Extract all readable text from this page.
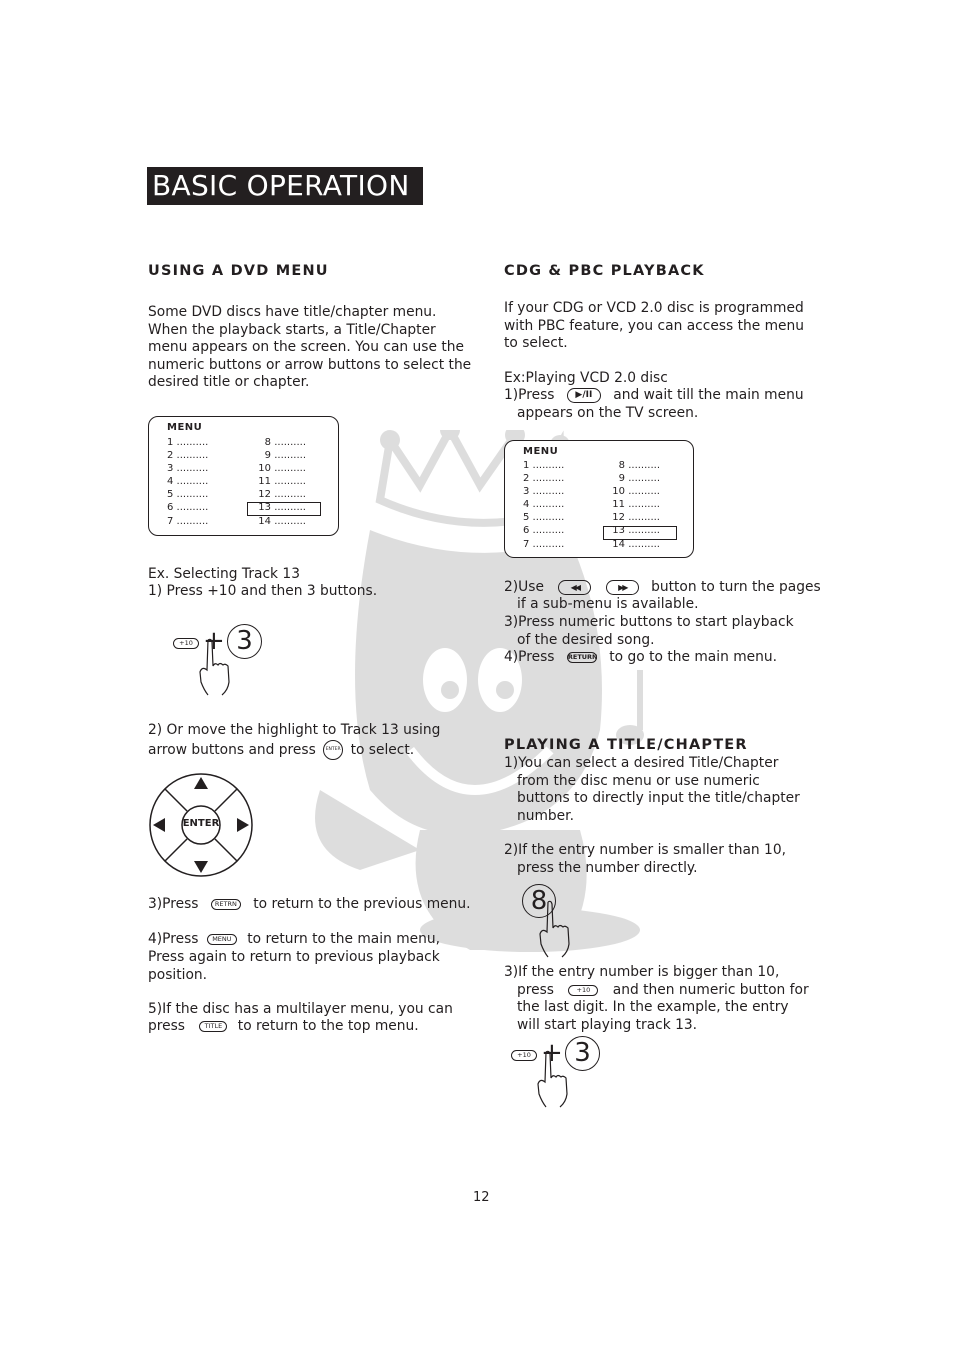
BASIC OPERATION
USING A DVD MENU
Some DVD discs have title/chapter menu.
When the playback starts, a Title/Chapter
menu appears on the screen. You can use the
numeric buttons or arrow buttons to select the
desired title or chapter.
MENU
1 ..........
2 ..........
3 ..........
4 ..........
5 ..........
6 ..........
7 ..........
8 ..........
9 ..........
10 ..........
11 ..........
12 ..........
13 ..........
14 ..........
Ex. Selecting Track 13
1) Press +10 and then 3 buttons.
+10 + 3
2) Or move the highlight to Track 13 using
arrow buttons and press ENTER to select.
ENTER
3)Press	RETRN to return to the previous menu.
4)Press MENU to return to the main menu,
Press again to return to previous playback
position.
5)If the disc has a multilayer menu, you can
press	TITLE to return to the top menu.
CDG & PBC PLAYBACK
If your CDG or VCD 2.0 disc is programmed
with PBC feature, you can access the menu
to select.
Ex:Playing VCD 2.0 disc
1)Press ▶/II and wait till the main menu
appears on the TV screen.
MENU
1 ..........
2 ..........
3 ..........
4 ..........
5 ..........
6 ..........
7 ..........
8 ..........
9 ..........
10 ..........
11 ..........
12 ..........
13 ..........
14 ..........
2)Use	◀◀	▶▶ button to turn the pages
if a sub-menu is available.
3)Press numeric buttons to start playback
of the desired song.
4)Press RETURN to go to the main menu.
PLAYING A TITLE/CHAPTER
1)You can select a desired Title/Chapter
from the disc menu or use numeric
buttons to directly input the title/chapter
number.
2)If the entry number is smaller than 10,
press the number directly.
8
3)If the entry number is bigger than 10,
press	+10 and then numeric button for
the last digit. In the example, the entry
will start playing track 13.
+10 + 3
12
